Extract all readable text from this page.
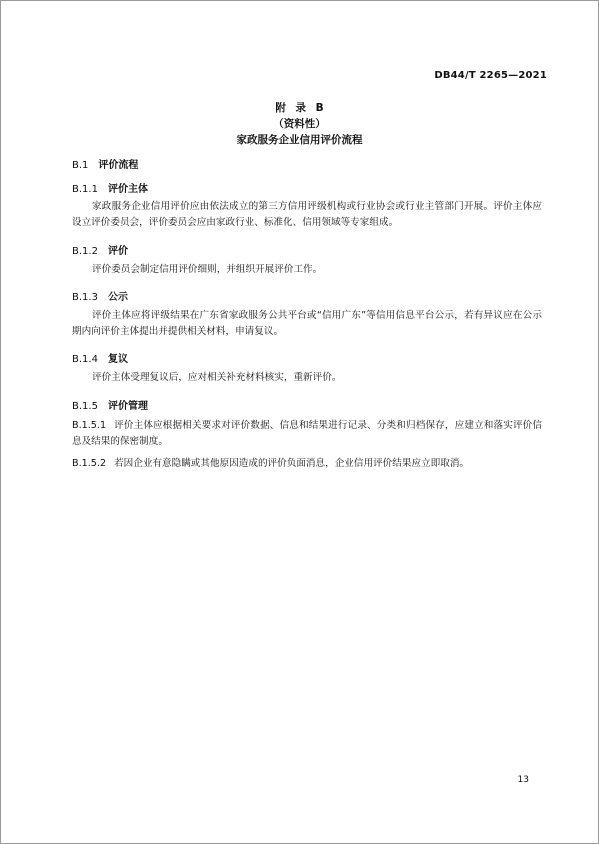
DB44/T 2265—2021
附 录 B
（资料性）
家政服务企业信用评价流程
B.1 评价流程
B.1.1 评价主体
家政服务企业信用评价应由依法成立的第三方信用评级机构或行业协会或行业主管部门开展。评价主体应设立评价委员会，评价委员会应由家政行业、标准化、信用领域等专家组成。
B.1.2 评价
评价委员会制定信用评价细则，并组织开展评价工作。
B.1.3 公示
评价主体应将评级结果在广东省家政服务公共平台或“信用广东”等信用信息平台公示，若有异议应在公示期内向评价主体提出并提供相关材料，申请复议。
B.1.4 复议
评价主体受理复议后，应对相关补充材料核实，重新评价。
B.1.5 评价管理
B.1.5.1 评价主体应根据相关要求对评价数据、信息和结果进行记录、分类和归档保存，应建立和落实评价信息及结果的保密制度。
B.1.5.2 若因企业有意隐瞒或其他原因造成的评价负面消息，企业信用评价结果应立即取消。
13
